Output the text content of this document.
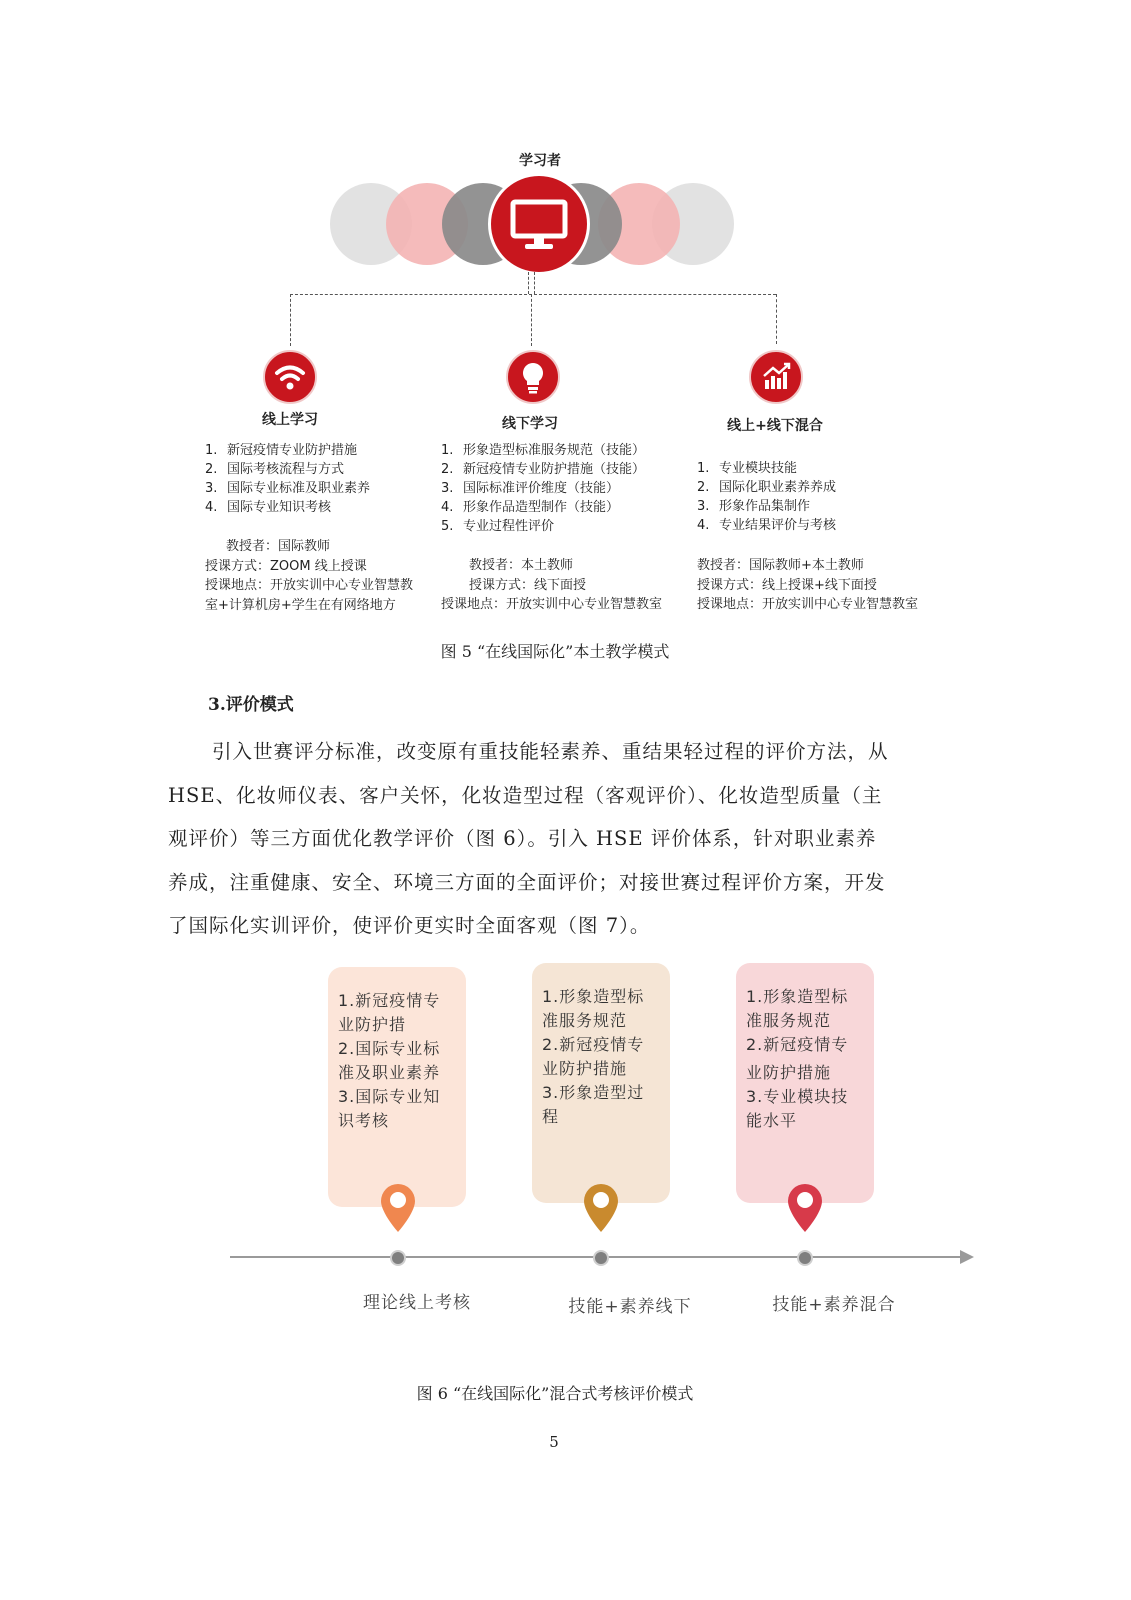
学习者
线上学习	线下学习	线上+线下混合
1. 新冠疫情专业防护措施
2. 国际考核流程与方式
3. 国际专业标准及职业素养
4. 国际专业知识考核
教授者：国际教师
授课方式：ZOOM 线上授课
授课地点：开放实训中心专业智慧教
室+计算机房+学生在有网络地方
1. 形象造型标准服务规范（技能）
2. 新冠疫情专业防护措施（技能）
3. 国际标准评价维度（技能）
4. 形象作品造型制作（技能）
5. 专业过程性评价
教授者：本土教师
授课方式：线下面授
授课地点：开放实训中心专业智慧教室
1. 专业模块技能
2. 国际化职业素养养成
3. 形象作品集制作
4. 专业结果评价与考核
教授者：国际教师+本土教师
授课方式：线上授课+线下面授
授课地点：开放实训中心专业智慧教室
图 5 “在线国际化”本土教学模式
3.评价模式
引入世赛评分标准，改变原有重技能轻素养、重结果轻过程的评价方法，从
HSE、化妆师仪表、客户关怀，化妆造型过程（客观评价）、化妆造型质量（主
观评价）等三方面优化教学评价（图 6）。引入 HSE 评价体系，针对职业素养
养成，注重健康、安全、环境三方面的全面评价；对接世赛过程评价方案，开发
了国际化实训评价，使评价更实时全面客观（图 7）。

1.新冠疫情专

业防护措

2.国际专业标

准及职业素养

3.国际专业知

识考核

1.形象造型标

准服务规范

2.新冠疫情专

业防护措施

3.形象造型过

程

1.形象造型标

准服务规范

2.新冠疫情专

业防护措施

3.专业模块技

能水平

理论线上考核	技能+素养线下	技能+素养混合
图 6 “在线国际化”混合式考核评价模式
5
